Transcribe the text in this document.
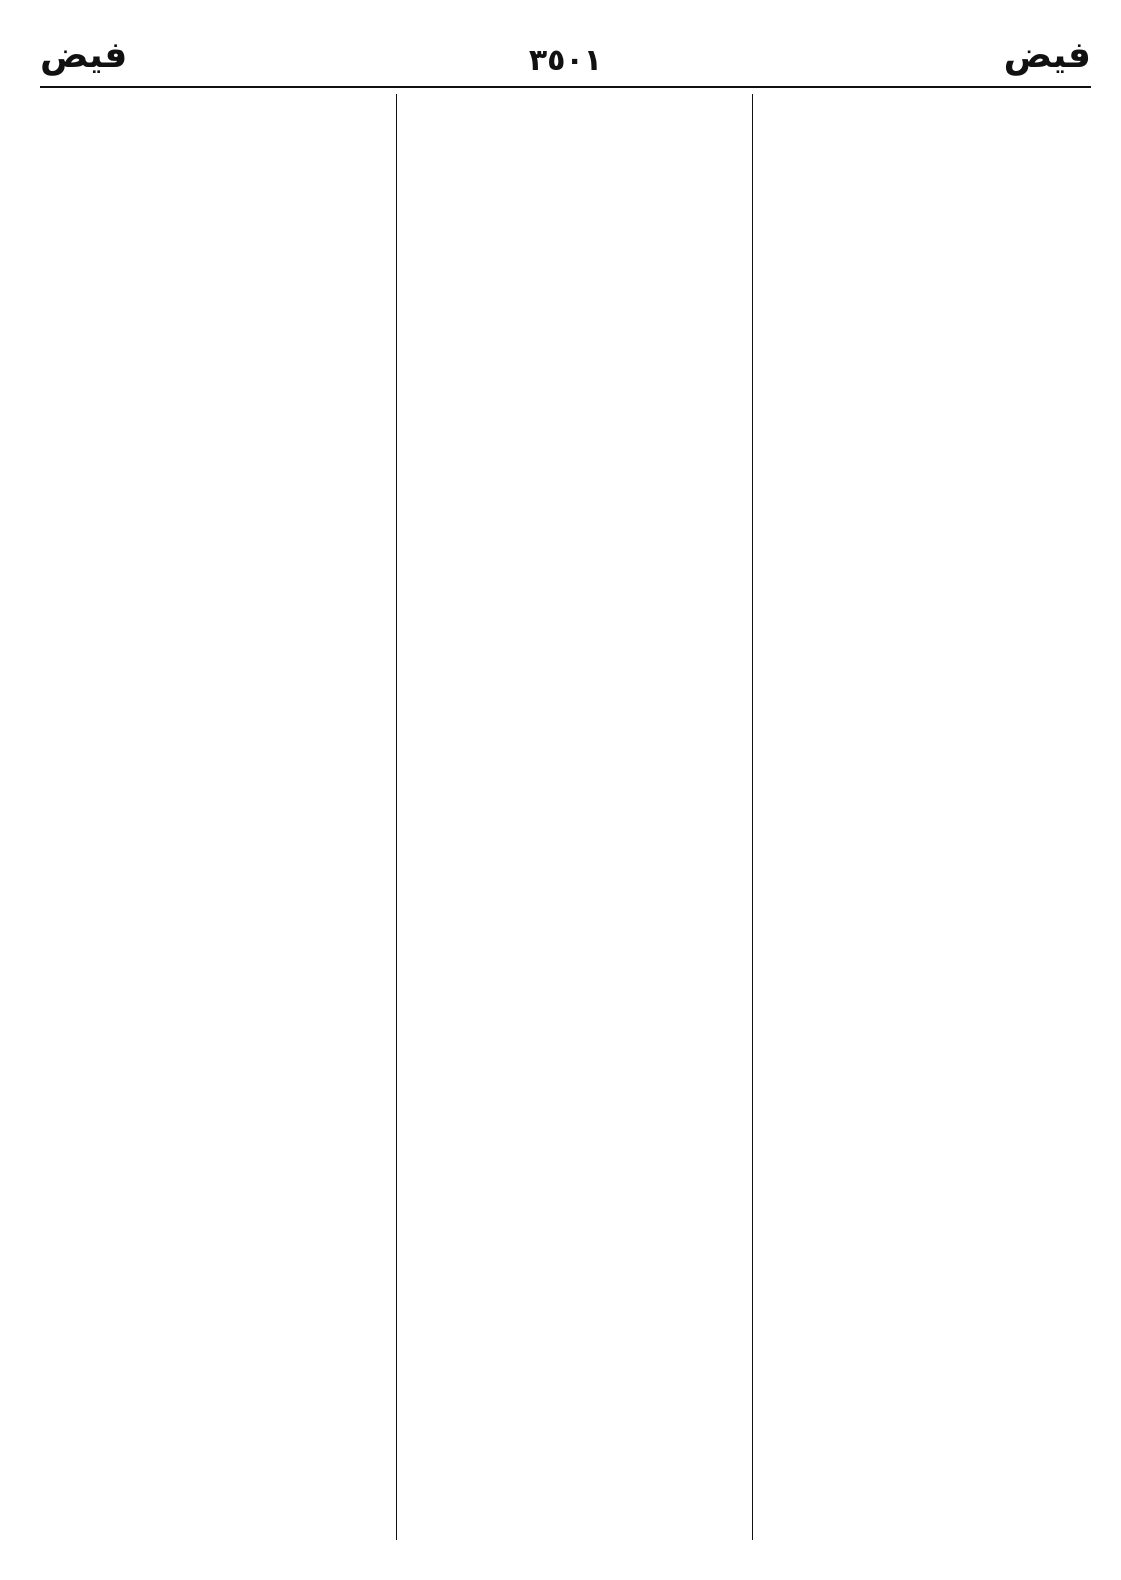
فيض
٣٥٠١
فيض
